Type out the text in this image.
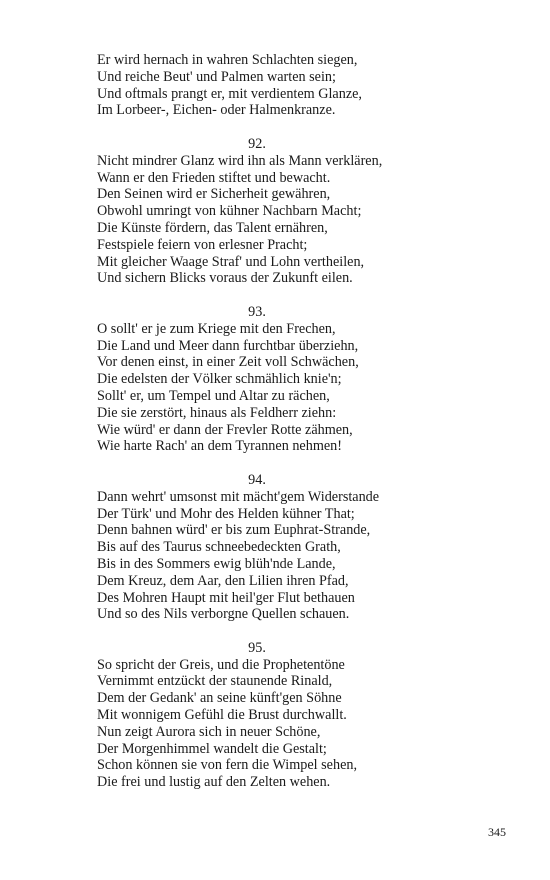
Er wird hernach in wahren Schlachten siegen,
Und reiche Beut' und Palmen warten sein;
Und oftmals prangt er, mit verdientem Glanze,
Im Lorbeer-, Eichen- oder Halmenkranze.
92.
Nicht mindrer Glanz wird ihn als Mann verklären,
Wann er den Frieden stiftet und bewacht.
Den Seinen wird er Sicherheit gewähren,
Obwohl umringt von kühner Nachbarn Macht;
Die Künste fördern, das Talent ernähren,
Festspiele feiern von erlesner Pracht;
Mit gleicher Waage Straf' und Lohn vertheilen,
Und sichern Blicks voraus der Zukunft eilen.
93.
O sollt' er je zum Kriege mit den Frechen,
Die Land und Meer dann furchtbar überziehn,
Vor denen einst, in einer Zeit voll Schwächen,
Die edelsten der Völker schmählich knie'n;
Sollt' er, um Tempel und Altar zu rächen,
Die sie zerstört, hinaus als Feldherr ziehn:
Wie würd' er dann der Frevler Rotte zähmen,
Wie harte Rach' an dem Tyrannen nehmen!
94.
Dann wehrt' umsonst mit mächt'gem Widerstande
Der Türk' und Mohr des Helden kühner That;
Denn bahnen würd' er bis zum Euphrat-Strande,
Bis auf des Taurus schneebedeckten Grath,
Bis in des Sommers ewig blüh'nde Lande,
Dem Kreuz, dem Aar, den Lilien ihren Pfad,
Des Mohren Haupt mit heil'ger Flut bethauen
Und so des Nils verborgne Quellen schauen.
95.
So spricht der Greis, und die Prophetentöne
Vernimmt entzückt der staunende Rinald,
Dem der Gedank' an seine künft'gen Söhne
Mit wonnigem Gefühl die Brust durchwallt.
Nun zeigt Aurora sich in neuer Schöne,
Der Morgenhimmel wandelt die Gestalt;
Schon können sie von fern die Wimpel sehen,
Die frei und lustig auf den Zelten wehen.
345
